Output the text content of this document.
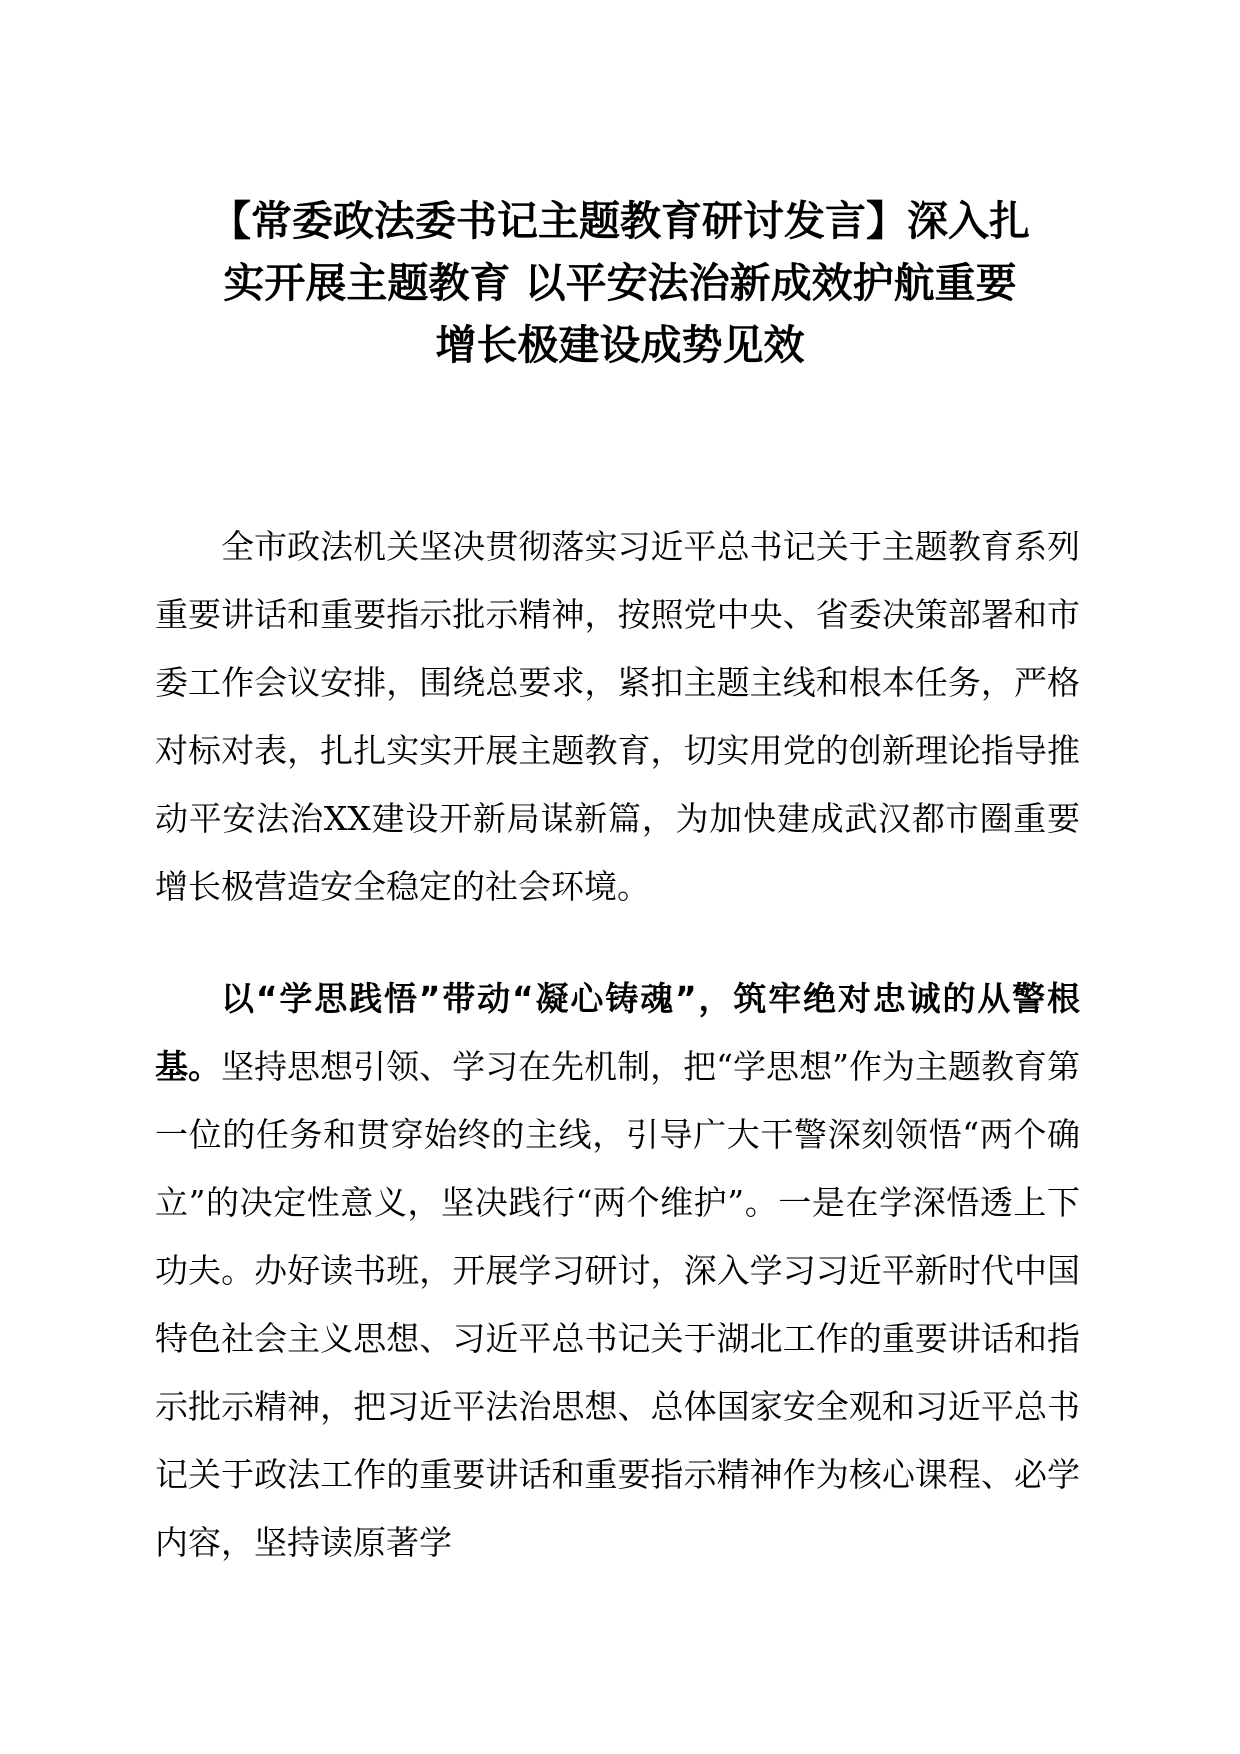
【常委政法委书记主题教育研讨发言】深入扎
实开展主题教育 以平安法治新成效护航重要
增长极建设成势见效

全市政法机关坚决贯彻落实习近平总书记关于主题教育系列重要讲话和重要指示批示精神，按照党中央、省委决策部署和市委工作会议安排，围绕总要求，紧扣主题主线和根本任务，严格对标对表，扎扎实实开展主题教育，切实用党的创新理论指导推动平安法治XX建设开新局谋新篇，为加快建成武汉都市圈重要增长极营造安全稳定的社会环境。

以“学思践悟”带动“凝心铸魂”，筑牢绝对忠诚的从警根基。坚持思想引领、学习在先机制，把“学思想”作为主题教育第一位的任务和贯穿始终的主线，引导广大干警深刻领悟“两个确立”的决定性意义，坚决践行“两个维护”。一是在学深悟透上下功夫。办好读书班，开展学习研讨，深入学习习近平新时代中国特色社会主义思想、习近平总书记关于湖北工作的重要讲话和指示批示精神，把习近平法治思想、总体国家安全观和习近平总书记关于政法工作的重要讲话和重要指示精神作为核心课程、必学内容，坚持读原著学
